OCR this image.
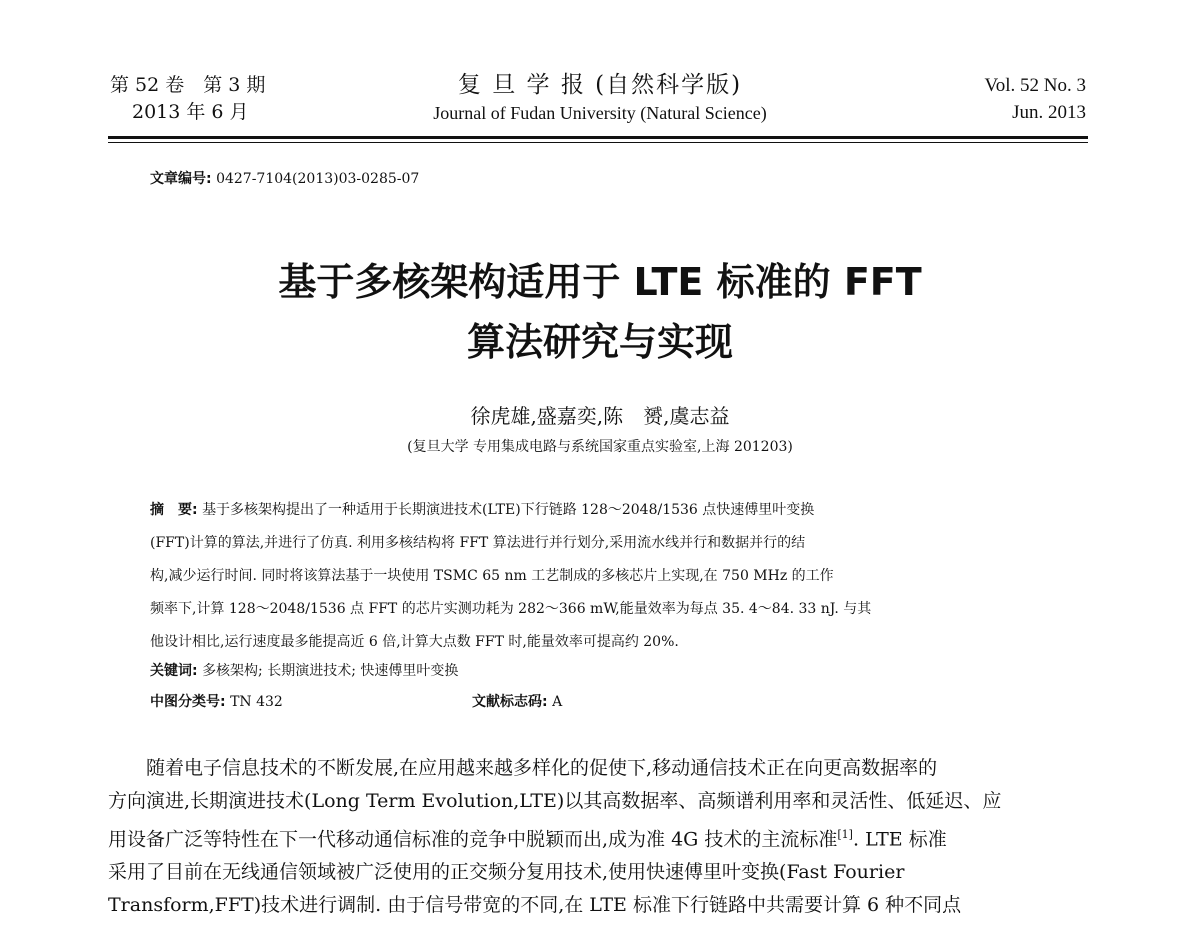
第 52 卷　第 3 期
2013 年 6 月
复 旦 学 报 (自然科学版)
Journal of Fudan University (Natural Science)
Vol. 52 No. 3
Jun. 2013
文章编号: 0427-7104(2013)03-0285-07
基于多核架构适用于 LTE 标准的 FFT
算法研究与实现
徐虎雄,盛嘉奕,陈　赟,虞志益
(复旦大学 专用集成电路与系统国家重点实验室,上海 201203)
摘　要: 基于多核架构提出了一种适用于长期演进技术(LTE)下行链路 128～2048/1536 点快速傅里叶变换
(FFT)计算的算法,并进行了仿真. 利用多核结构将 FFT 算法进行并行划分,采用流水线并行和数据并行的结
构,减少运行时间. 同时将该算法基于一块使用 TSMC 65 nm 工艺制成的多核芯片上实现,在 750 MHz 的工作
频率下,计算 128～2048/1536 点 FFT 的芯片实测功耗为 282～366 mW,能量效率为每点 35. 4～84. 33 nJ. 与其
他设计相比,运行速度最多能提高近 6 倍,计算大点数 FFT 时,能量效率可提高约 20%.
关键词: 多核架构; 长期演进技术; 快速傅里叶变换
中图分类号: TN 432	文献标志码: A
随着电子信息技术的不断发展,在应用越来越多样化的促使下,移动通信技术正在向更高数据率的
方向演进,长期演进技术(Long Term Evolution,LTE)以其高数据率、高频谱利用率和灵活性、低延迟、应
用设备广泛等特性在下一代移动通信标准的竞争中脱颖而出,成为准 4G 技术的主流标准[1]. LTE 标准
采用了目前在无线通信领域被广泛使用的正交频分复用技术,使用快速傅里叶变换(Fast Fourier
Transform,FFT)技术进行调制. 由于信号带宽的不同,在 LTE 标准下行链路中共需要计算 6 种不同点
